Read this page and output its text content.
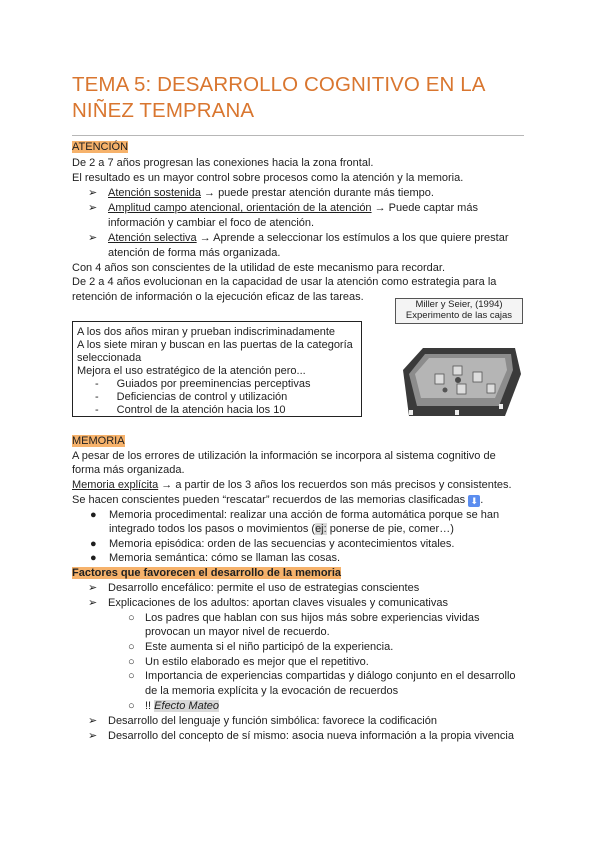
TEMA 5: DESARROLLO COGNITIVO EN LA
NIÑEZ TEMPRANA
ATENCIÓN
De 2 a 7 años progresan las conexiones hacia la zona frontal.
El resultado es un mayor control sobre procesos como la atención y la memoria.
➢ Atención sostenida → puede prestar atención durante más tiempo.
➢ Amplitud campo atencional, orientación de la atención → Puede captar más
información y cambiar el foco de atención.
➢ Atención selectiva → Aprende a seleccionar los estímulos a los que quiere prestar
atención de forma más organizada.
Con 4 años son conscientes de la utilidad de este mecanismo para recordar.
De 2 a 4 años evolucionan en la capacidad de usar la atención como estrategia para la
retención de información o la ejecución eficaz de las tareas.
A los dos años miran y prueban indiscriminadamente
A los siete miran y buscan en las puertas de la categoría
seleccionada
Mejora el uso estratégico de la atención pero...
- Guiados por preeminencias perceptivas
- Deficiencias de control y utilización
- Control de la atención hacia los 10
Miller y Seier, (1994)
Experimento de las cajas
MEMORIA
A pesar de los errores de utilización la información se incorpora al sistema cognitivo de
forma más organizada.
Memoria explícita → a partir de los 3 años los recuerdos son más precisos y consistentes.
Se hacen conscientes pueden “rescatar” recuerdos de las memorias clasificadas ⬇ .
● Memoria procedimental: realizar una acción de forma automática porque se han
integrado todos los pasos o movimientos (ej: ponerse de pie, comer…)
● Memoria episódica: orden de las secuencias y acontecimientos vitales.
● Memoria semántica: cómo se llaman las cosas.
Factores que favorecen el desarrollo de la memoria
➢ Desarrollo encefálico: permite el uso de estrategias conscientes
➢ Explicaciones de los adultos: aportan claves visuales y comunicativas
○ Los padres que hablan con sus hijos más sobre experiencias vividas
provocan un mayor nivel de recuerdo.
○ Este aumenta si el niño participó de la experiencia.
○ Un estilo elaborado es mejor que el repetitivo.
○ Importancia de experiencias compartidas y diálogo conjunto en el desarrollo
de la memoria explícita y la evocación de recuerdos
○ !! Efecto Mateo
➢ Desarrollo del lenguaje y función simbólica: favorece la codificación
➢ Desarrollo del concepto de sí mismo: asocia nueva información a la propia vivencia
